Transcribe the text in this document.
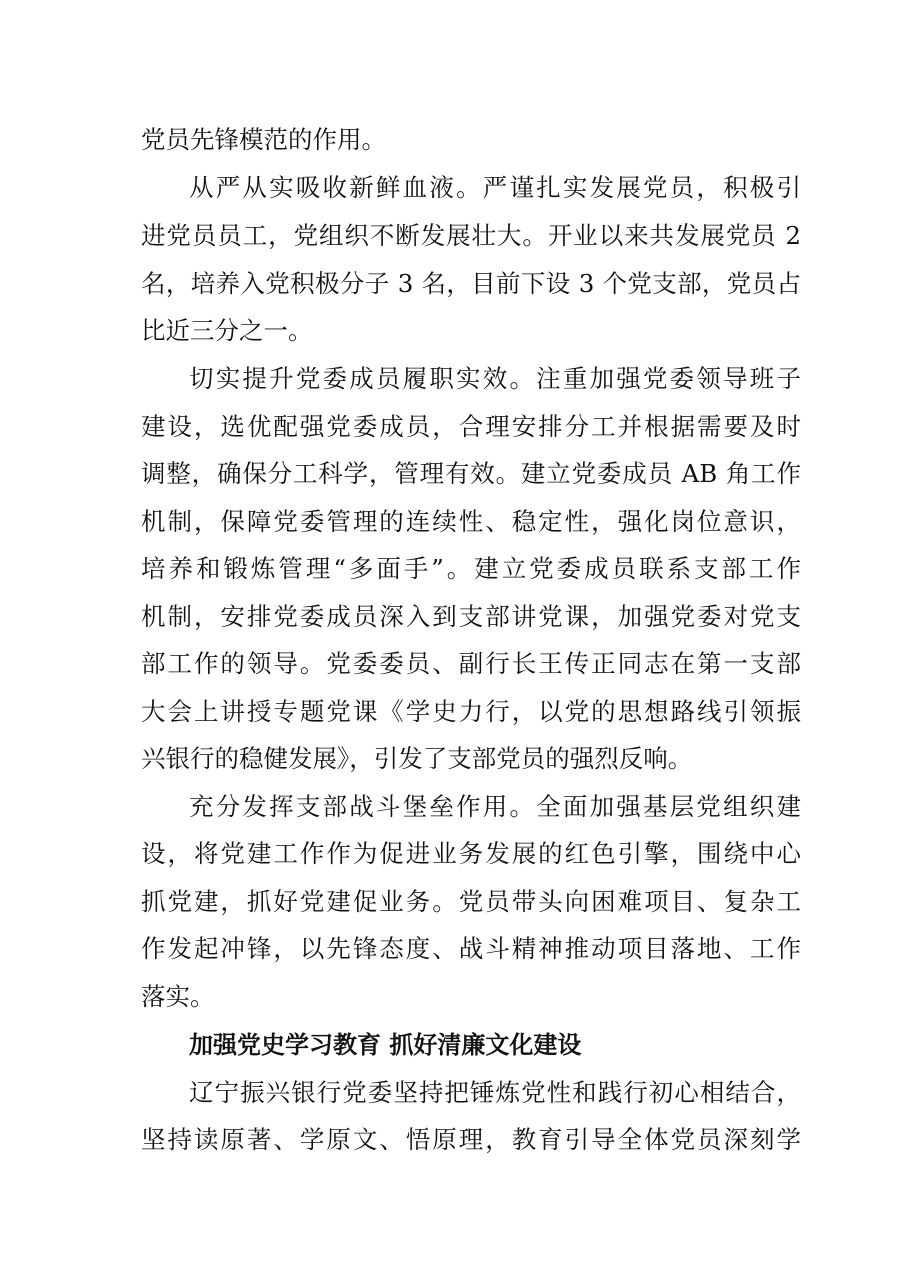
党员先锋模范的作用。
从严从实吸收新鲜血液。严谨扎实发展党员，积极引
进党员员工，党组织不断发展壮大。开业以来共发展党员 2
名，培养入党积极分子 3 名，目前下设 3 个党支部，党员占
比近三分之一。
切实提升党委成员履职实效。注重加强党委领导班子
建设，选优配强党委成员，合理安排分工并根据需要及时
调整，确保分工科学，管理有效。建立党委成员 AB 角工作
机制，保障党委管理的连续性、稳定性，强化岗位意识，
培养和锻炼管理“多面手”。建立党委成员联系支部工作
机制，安排党委成员深入到支部讲党课，加强党委对党支
部工作的领导。党委委员、副行长王传正同志在第一支部
大会上讲授专题党课《学史力行，以党的思想路线引领振
兴银行的稳健发展》，引发了支部党员的强烈反响。
充分发挥支部战斗堡垒作用。全面加强基层党组织建
设，将党建工作作为促进业务发展的红色引擎，围绕中心
抓党建，抓好党建促业务。党员带头向困难项目、复杂工
作发起冲锋，以先锋态度、战斗精神推动项目落地、工作
落实。
加强党史学习教育 抓好清廉文化建设
辽宁振兴银行党委坚持把锤炼党性和践行初心相结合，
坚持读原著、学原文、悟原理，教育引导全体党员深刻学
